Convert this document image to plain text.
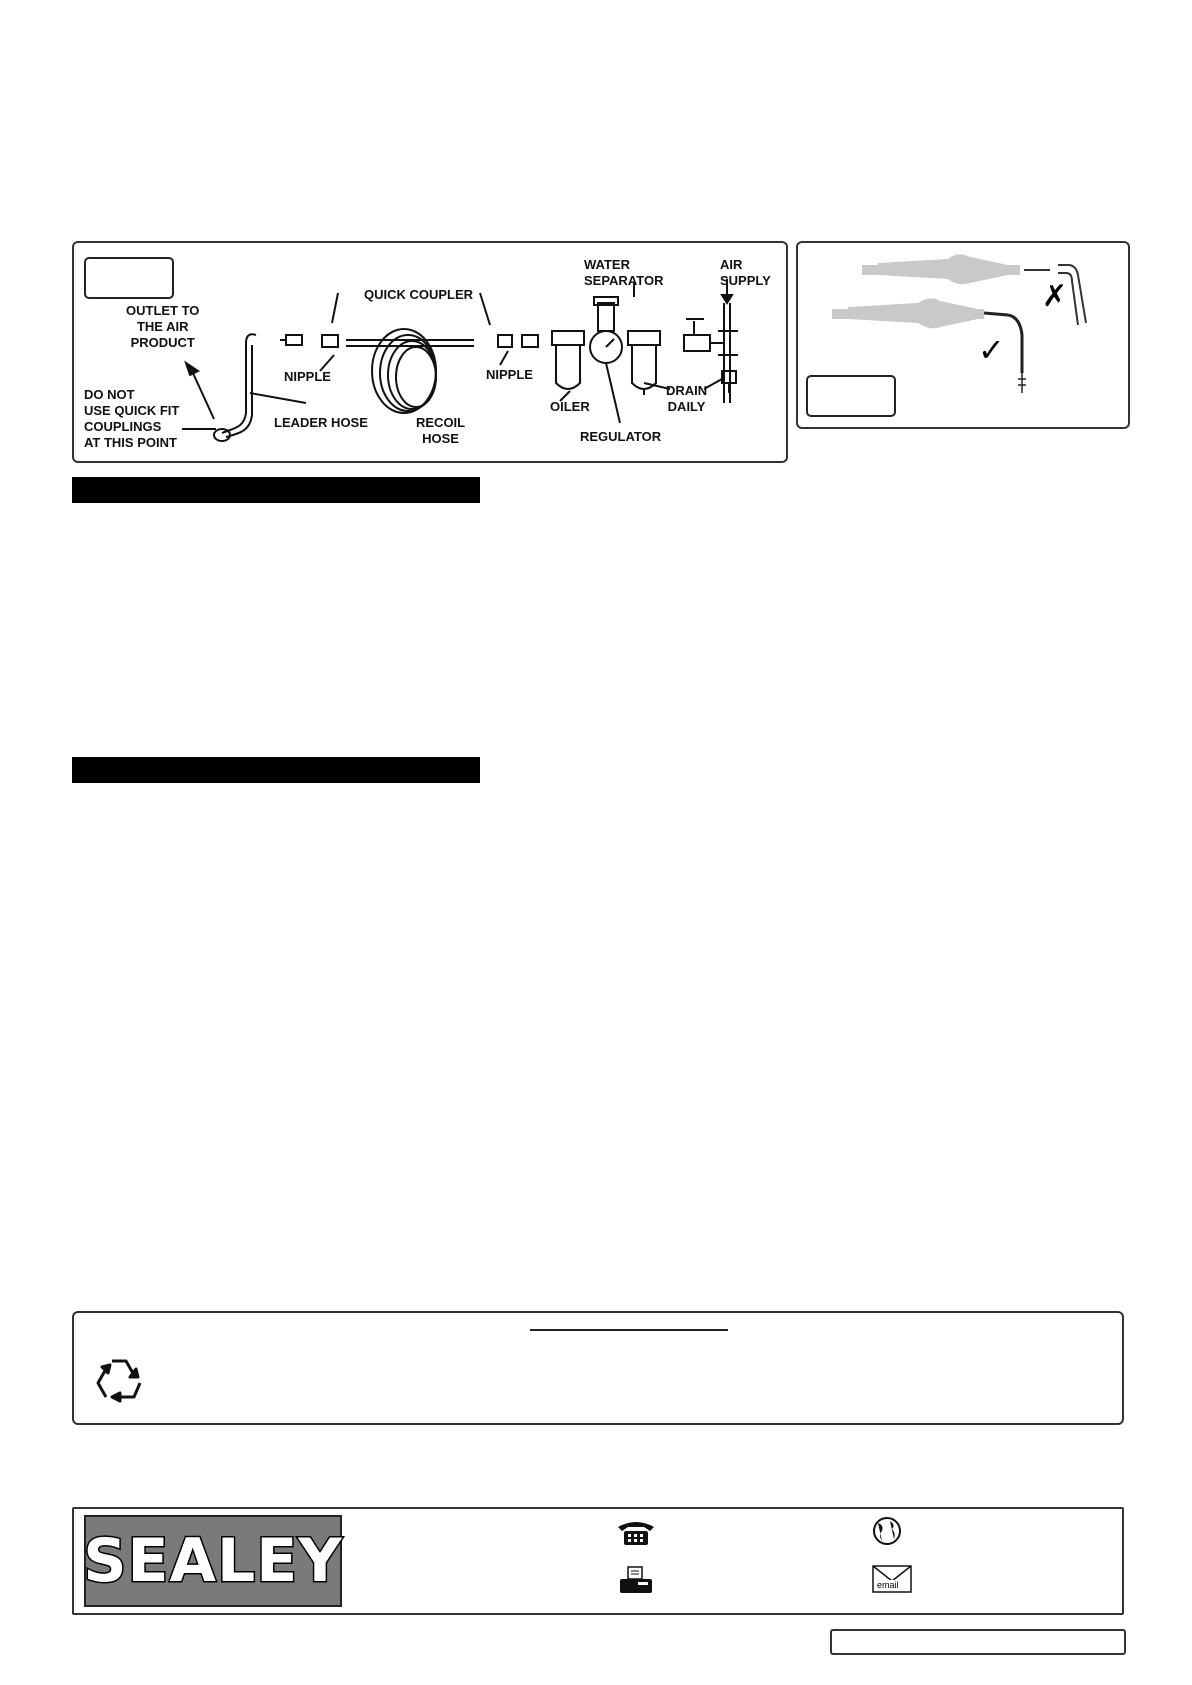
OUTLET TO
THE AIR
PRODUCT
QUICK COUPLER
WATER
SEPARATOR
AIR
SUPPLY
NIPPLE	NIPPLE
DO NOT
USE QUICK FIT
COUPLINGS
AT THIS POINT
LEADER HOSE	RECOIL
HOSE
OILER
DRAIN
DAILY
REGULATOR
✗
✓
SEALEY	email
